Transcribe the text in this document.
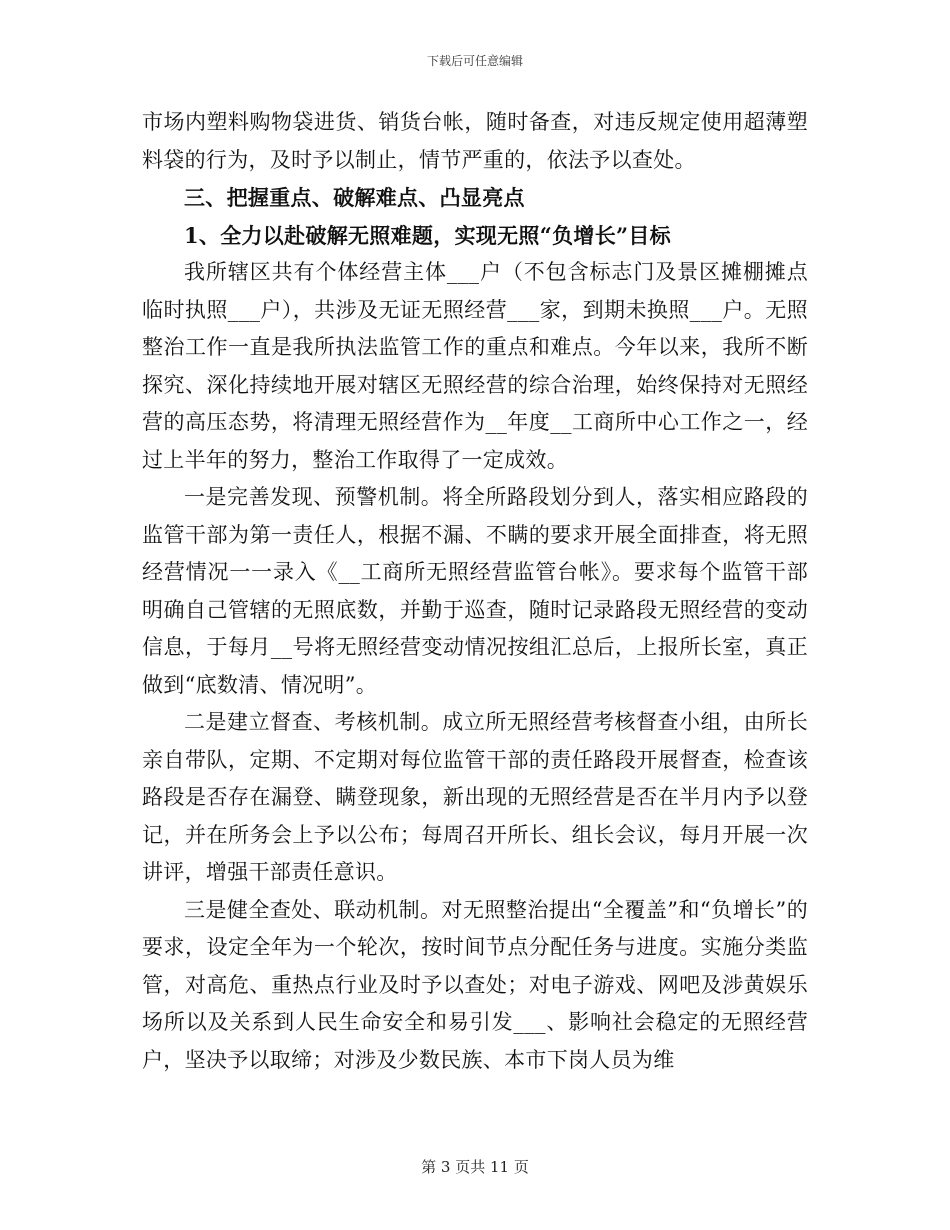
下载后可任意编辑

市场内塑料购物袋进货、销货台帐，随时备查，对违反规定使用超薄塑料袋的行为，及时予以制止，情节严重的，依法予以查处。

三、把握重点、破解难点、凸显亮点

1、全力以赴破解无照难题，实现无照“负增长”目标

我所辖区共有个体经营主体___户（不包含标志门及景区摊棚摊点临时执照___户），共涉及无证无照经营___家，到期未换照___户。无照整治工作一直是我所执法监管工作的重点和难点。今年以来，我所不断探究、深化持续地开展对辖区无照经营的综合治理，始终保持对无照经营的高压态势，将清理无照经营作为__年度__工商所中心工作之一，经过上半年的努力，整治工作取得了一定成效。

一是完善发现、预警机制。将全所路段划分到人，落实相应路段的监管干部为第一责任人，根据不漏、不瞒的要求开展全面排查，将无照经营情况一一录入《__工商所无照经营监管台帐》。要求每个监管干部明确自己管辖的无照底数，并勤于巡查，随时记录路段无照经营的变动信息，于每月__号将无照经营变动情况按组汇总后，上报所长室，真正做到“底数清、情况明”。

二是建立督查、考核机制。成立所无照经营考核督查小组，由所长亲自带队，定期、不定期对每位监管干部的责任路段开展督查，检查该路段是否存在漏登、瞒登现象，新出现的无照经营是否在半月内予以登记，并在所务会上予以公布；每周召开所长、组长会议，每月开展一次讲评，增强干部责任意识。

三是健全查处、联动机制。对无照整治提出“全覆盖”和“负增长”的要求，设定全年为一个轮次，按时间节点分配任务与进度。实施分类监管，对高危、重热点行业及时予以查处；对电子游戏、网吧及涉黄娱乐场所以及关系到人民生命安全和易引发___、影响社会稳定的无照经营户，坚决予以取缔；对涉及少数民族、本市下岗人员为维

第 3 页共 11 页
